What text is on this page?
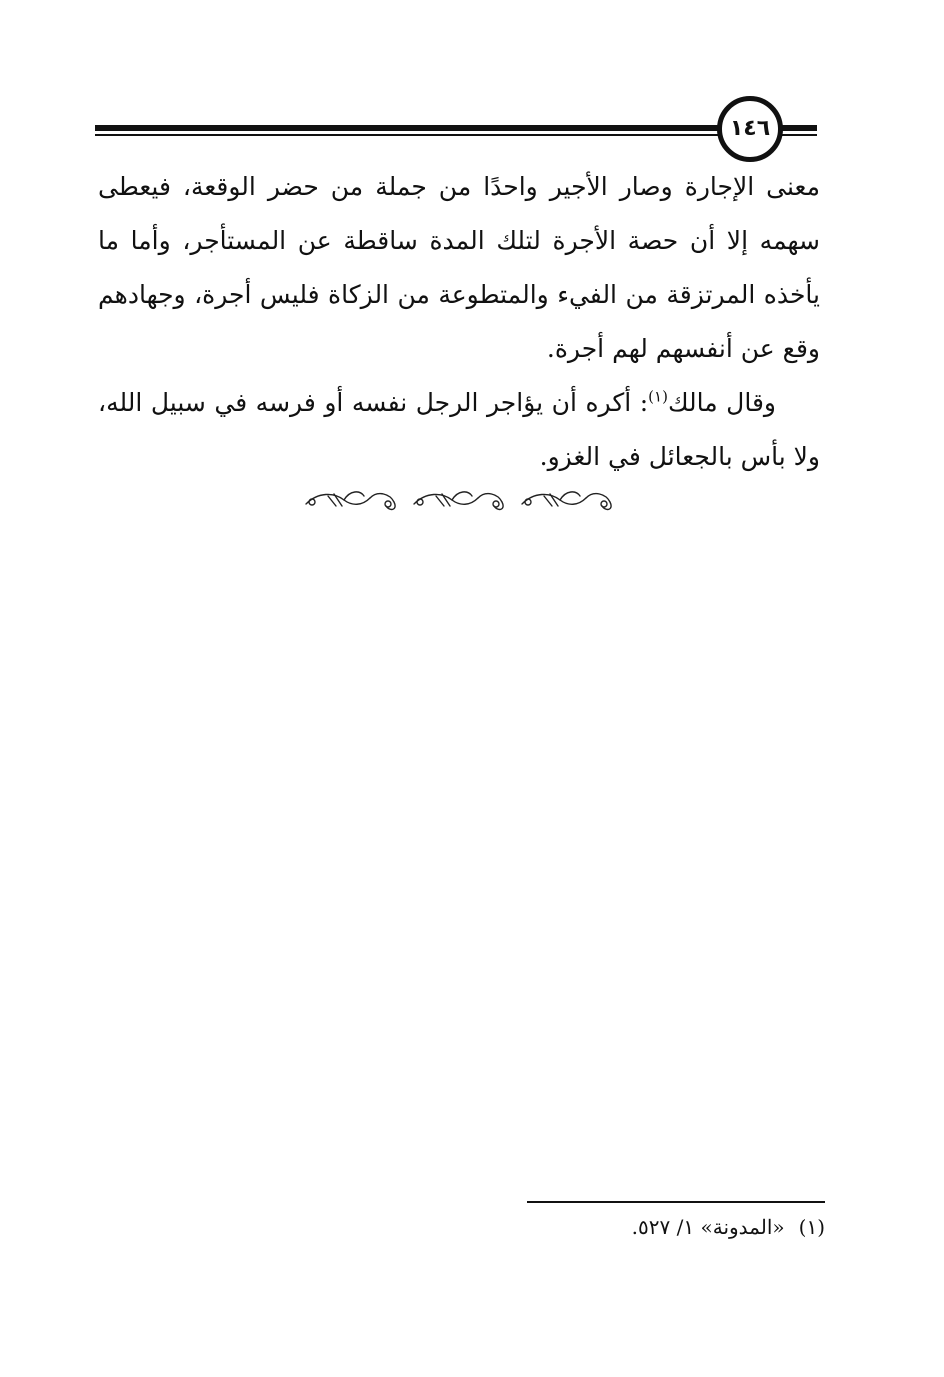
١٤٦

معنى الإجارة وصار الأجير واحدًا من جملة من حضر الوقعة، فيعطى سهمه إلا أن حصة الأجرة لتلك المدة ساقطة عن المستأجر، وأما ما يأخذه المرتزقة من الفيء والمتطوعة من الزكاة فليس أجرة، وجهادهم وقع عن أنفسهم لهم أجرة.

وقال مالك$^{(١)}$: أكره أن يؤاجر الرجل نفسه أو فرسه في سبيل الله، ولا بأس بالجعائل في الغزو.

(١)«المدونة» ١/ ٥٢٧.
